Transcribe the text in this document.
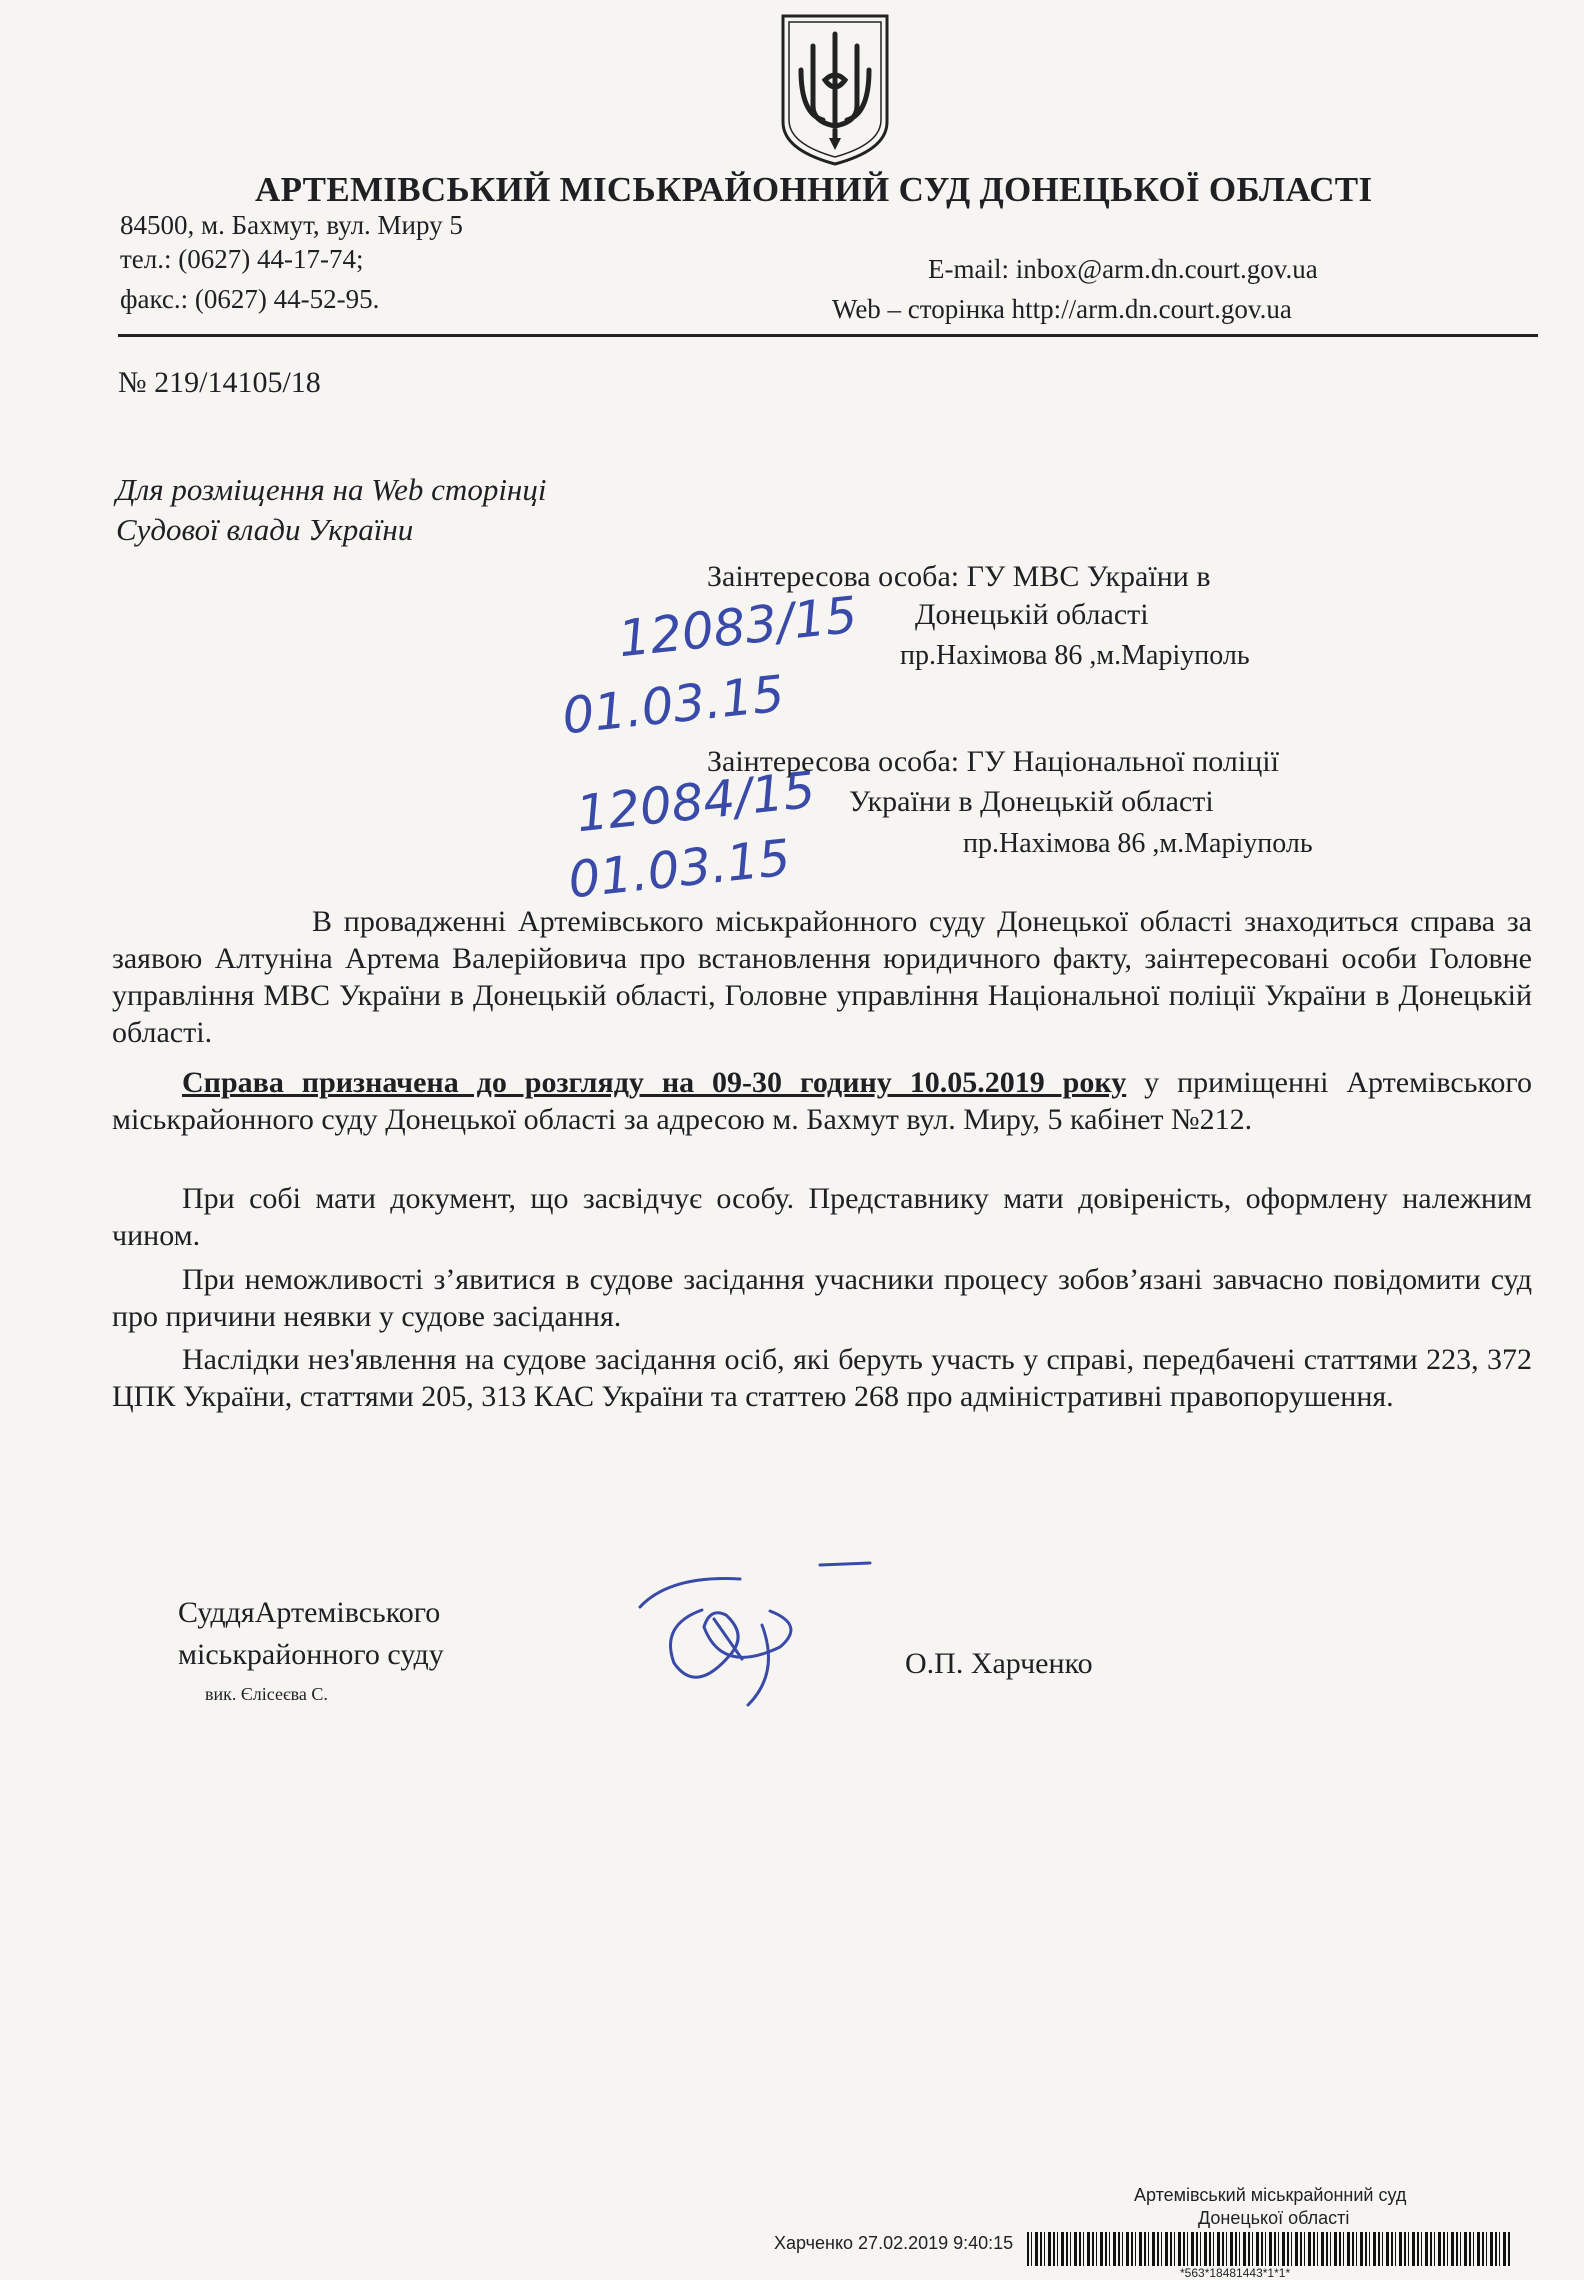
АРТЕМІВСЬКИЙ МІСЬКРАЙОННИЙ СУД ДОНЕЦЬКОЇ ОБЛАСТІ
84500, м. Бахмут, вул. Миру 5
тел.: (0627) 44-17-74;
факс.: (0627) 44-52-95.
E-mail: inbox@arm.dn.court.gov.ua
Web – сторінка http://arm.dn.court.gov.ua
№ 219/14105/18
Для розміщення на Web сторінці
Судової влади України
Заінтересова особа: ГУ МВС України в
Донецькій області
пр.Нахімова 86 ,м.Маріуполь
Заінтересова особа: ГУ Національної поліції
України в Донецькій області
пр.Нахімова 86 ,м.Маріуполь
12083/15
01.03.15
12084/15
01.03.15

В провадженні Артемівського міськрайонного суду Донецької області знаходиться справа за заявою Алтуніна Артема Валерійовича про встановлення юридичного факту, заінтересовані особи Головне управління МВС України в Донецькій області, Головне управління Національної поліції України в Донецькій області.

Справа призначена до розгляду на 09-30 годину 10.05.2019 року у приміщенні Артемівського міськрайонного суду Донецької області за адресою м. Бахмут вул. Миру, 5 кабінет №212.

При собі мати документ, що засвідчує особу. Представнику мати довіреність, оформлену належним чином.

При неможливості з’явитися в судове засідання учасники процесу зобов’язані завчасно повідомити суд про причини неявки у судове засідання.

Наслідки нез'явлення на судове засідання осіб, які беруть участь у справі, передбачені статтями 223, 372 ЦПК України, статтями 205, 313 КАС України та статтею 268 про адміністративні правопорушення.

СуддяАртемівського
міськрайонного суду
вик. Єлісеєва С.
О.П. Харченко
Артемівський міськрайонний суд
Донецької області
Харченко 27.02.2019 9:40:15
*563*18481443*1*1*
